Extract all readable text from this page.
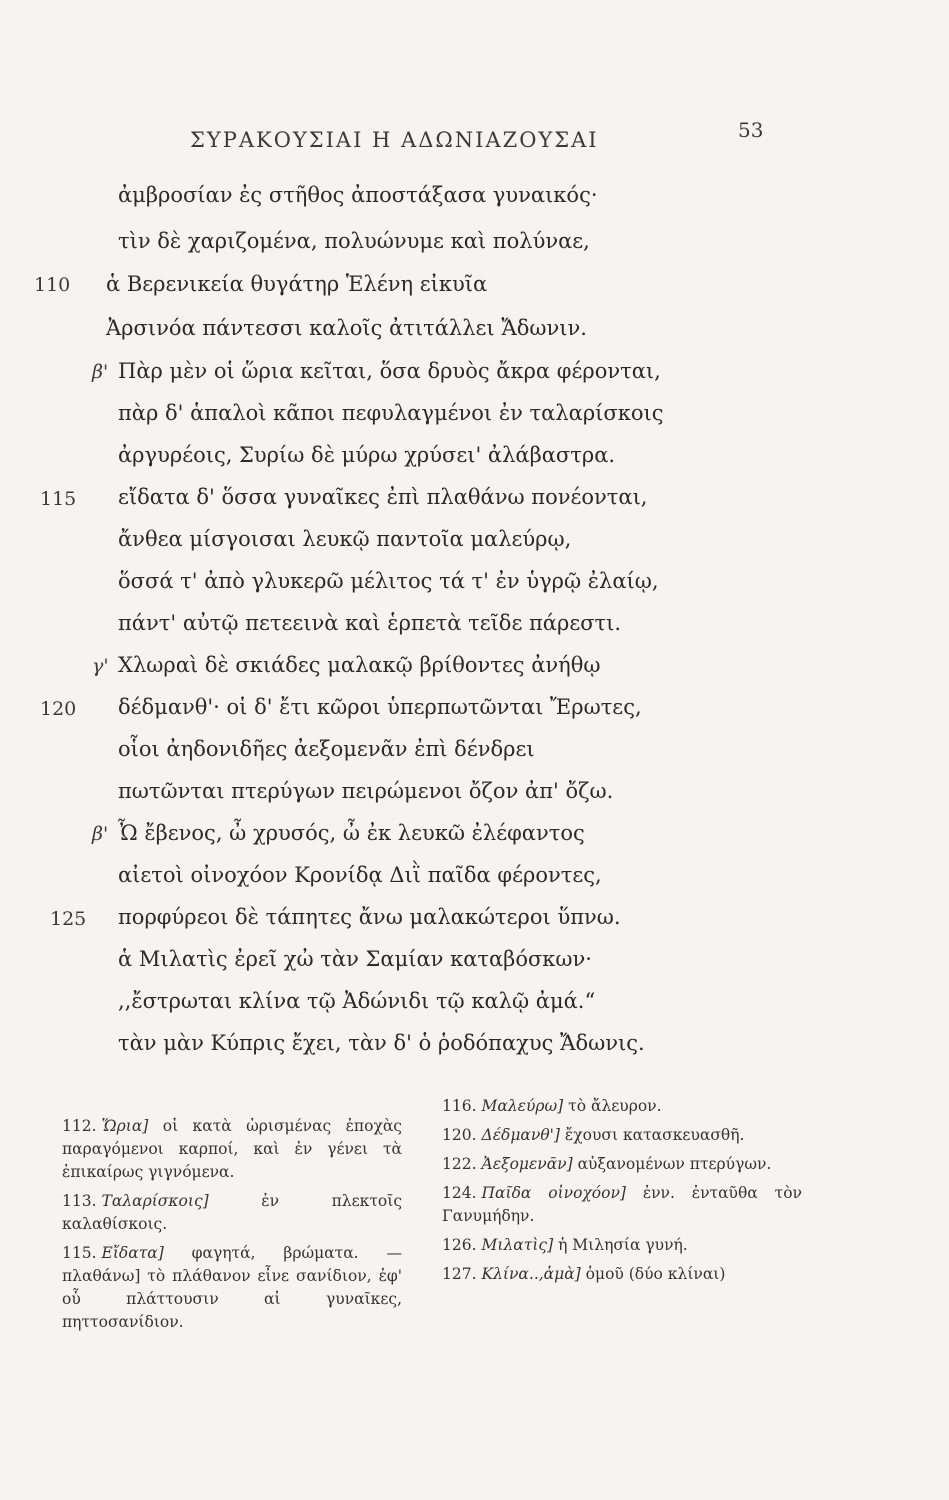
ΣΥΡΑΚΟΥΣΙΑΙ Η ΑΔΩΝΙΑΖΟΥΣΑΙ	53
ἀμβροσίαν ἐς στῆθος ἀποστάξασα γυναικός·
τὶν δὲ χαριζομένα, πολυώνυμε καὶ πολύναε,
ἁ Βερενικεία θυγάτηρ Ἑλένη εἰκυῖα
Ἀρσινόα πάντεσσι καλοῖς ἀτιτάλλει Ἄδωνιν.
Πὰρ μὲν οἱ ὥρια κεῖται, ὅσα δρυὸς ἄκρα φέρονται,
πὰρ δ' ἁπαλοὶ κᾶποι πεφυλαγμένοι ἐν ταλαρίσκοις
ἀργυρέοις, Συρίω δὲ μύρω χρύσει' ἀλάβαστρα.
εἴδατα δ' ὅσσα γυναῖκες ἐπὶ πλαθάνω πονέονται,
ἄνθεα μίσγοισαι λευκῷ παντοῖα μαλεύρῳ,
ὅσσά τ' ἀπὸ γλυκερῶ μέλιτος τά τ' ἐν ὑγρῷ ἐλαίῳ,
πάντ' αὐτῷ πετεεινὰ καὶ ἑρπετὰ τεῖδε πάρεστι.
Χλωραὶ δὲ σκιάδες μαλακῷ βρίθοντες ἀνήθῳ
δέδμανθ'· οἱ δ' ἔτι κῶροι ὑπερπωτῶνται Ἔρωτες,
οἷοι ἀηδονιδῆες ἀεξομενᾶν ἐπὶ δένδρει
πωτῶνται πτερύγων πειρώμενοι ὄζον ἀπ' ὄζω.
Ὦ ἔβενος, ὦ χρυσός, ὦ ἐκ λευκῶ ἐλέφαντος
αἰετοὶ οἰνοχόον Κρονίδᾳ Διῒ παῖδα φέροντες,
πορφύρεοι δὲ τάπητες ἄνω μαλακώτεροι ὕπνω.
ἁ Μιλατὶς ἐρεῖ χὠ τὰν Σαμίαν καταβόσκων·
,,ἔστρωται κλίνα τῷ Ἀδώνιδι τῷ καλῷ ἀμά.“
τὰν μὰν Κύπρις ἔχει, τὰν δ' ὁ ῥοδόπαχυς Ἄδωνις.
110
115
120
125
β'
γ'
β'

112. Ὥρια] οἱ κατὰ ὡρισμένας ἐποχὰς παραγόμενοι καρποί, καὶ ἐν γένει τὰ ἐπικαίρως γιγνόμενα.

113. Ταλαρίσκοις]	ἐν πλεκτοῖς καλαθίσκοις.

115. Εἴδατα] φαγητά, βρώματα. —πλαθάνω] τὸ πλάθανον εἶνε σανίδιον, ἐφ' οὗ πλάττουσιν αἱ γυναῖκες, πηττοσανίδιον.

116. Μαλεύρω] τὸ ἄλευρον.

120. Δέδμανθ'] ἔχουσι κατασκευασθῆ.

122. Ἀεξομενᾶν] αὐξανομένων πτερύγων.

124. Παῖδα οἰνοχόον] ἐνν. ἐνταῦθα τὸν Γανυμήδην.

126. Μιλατὶς] ἡ Μιλησία γυνή.

127. Κλίνα..,ἀμὰ] ὁμοῦ (δύο κλίναι)
